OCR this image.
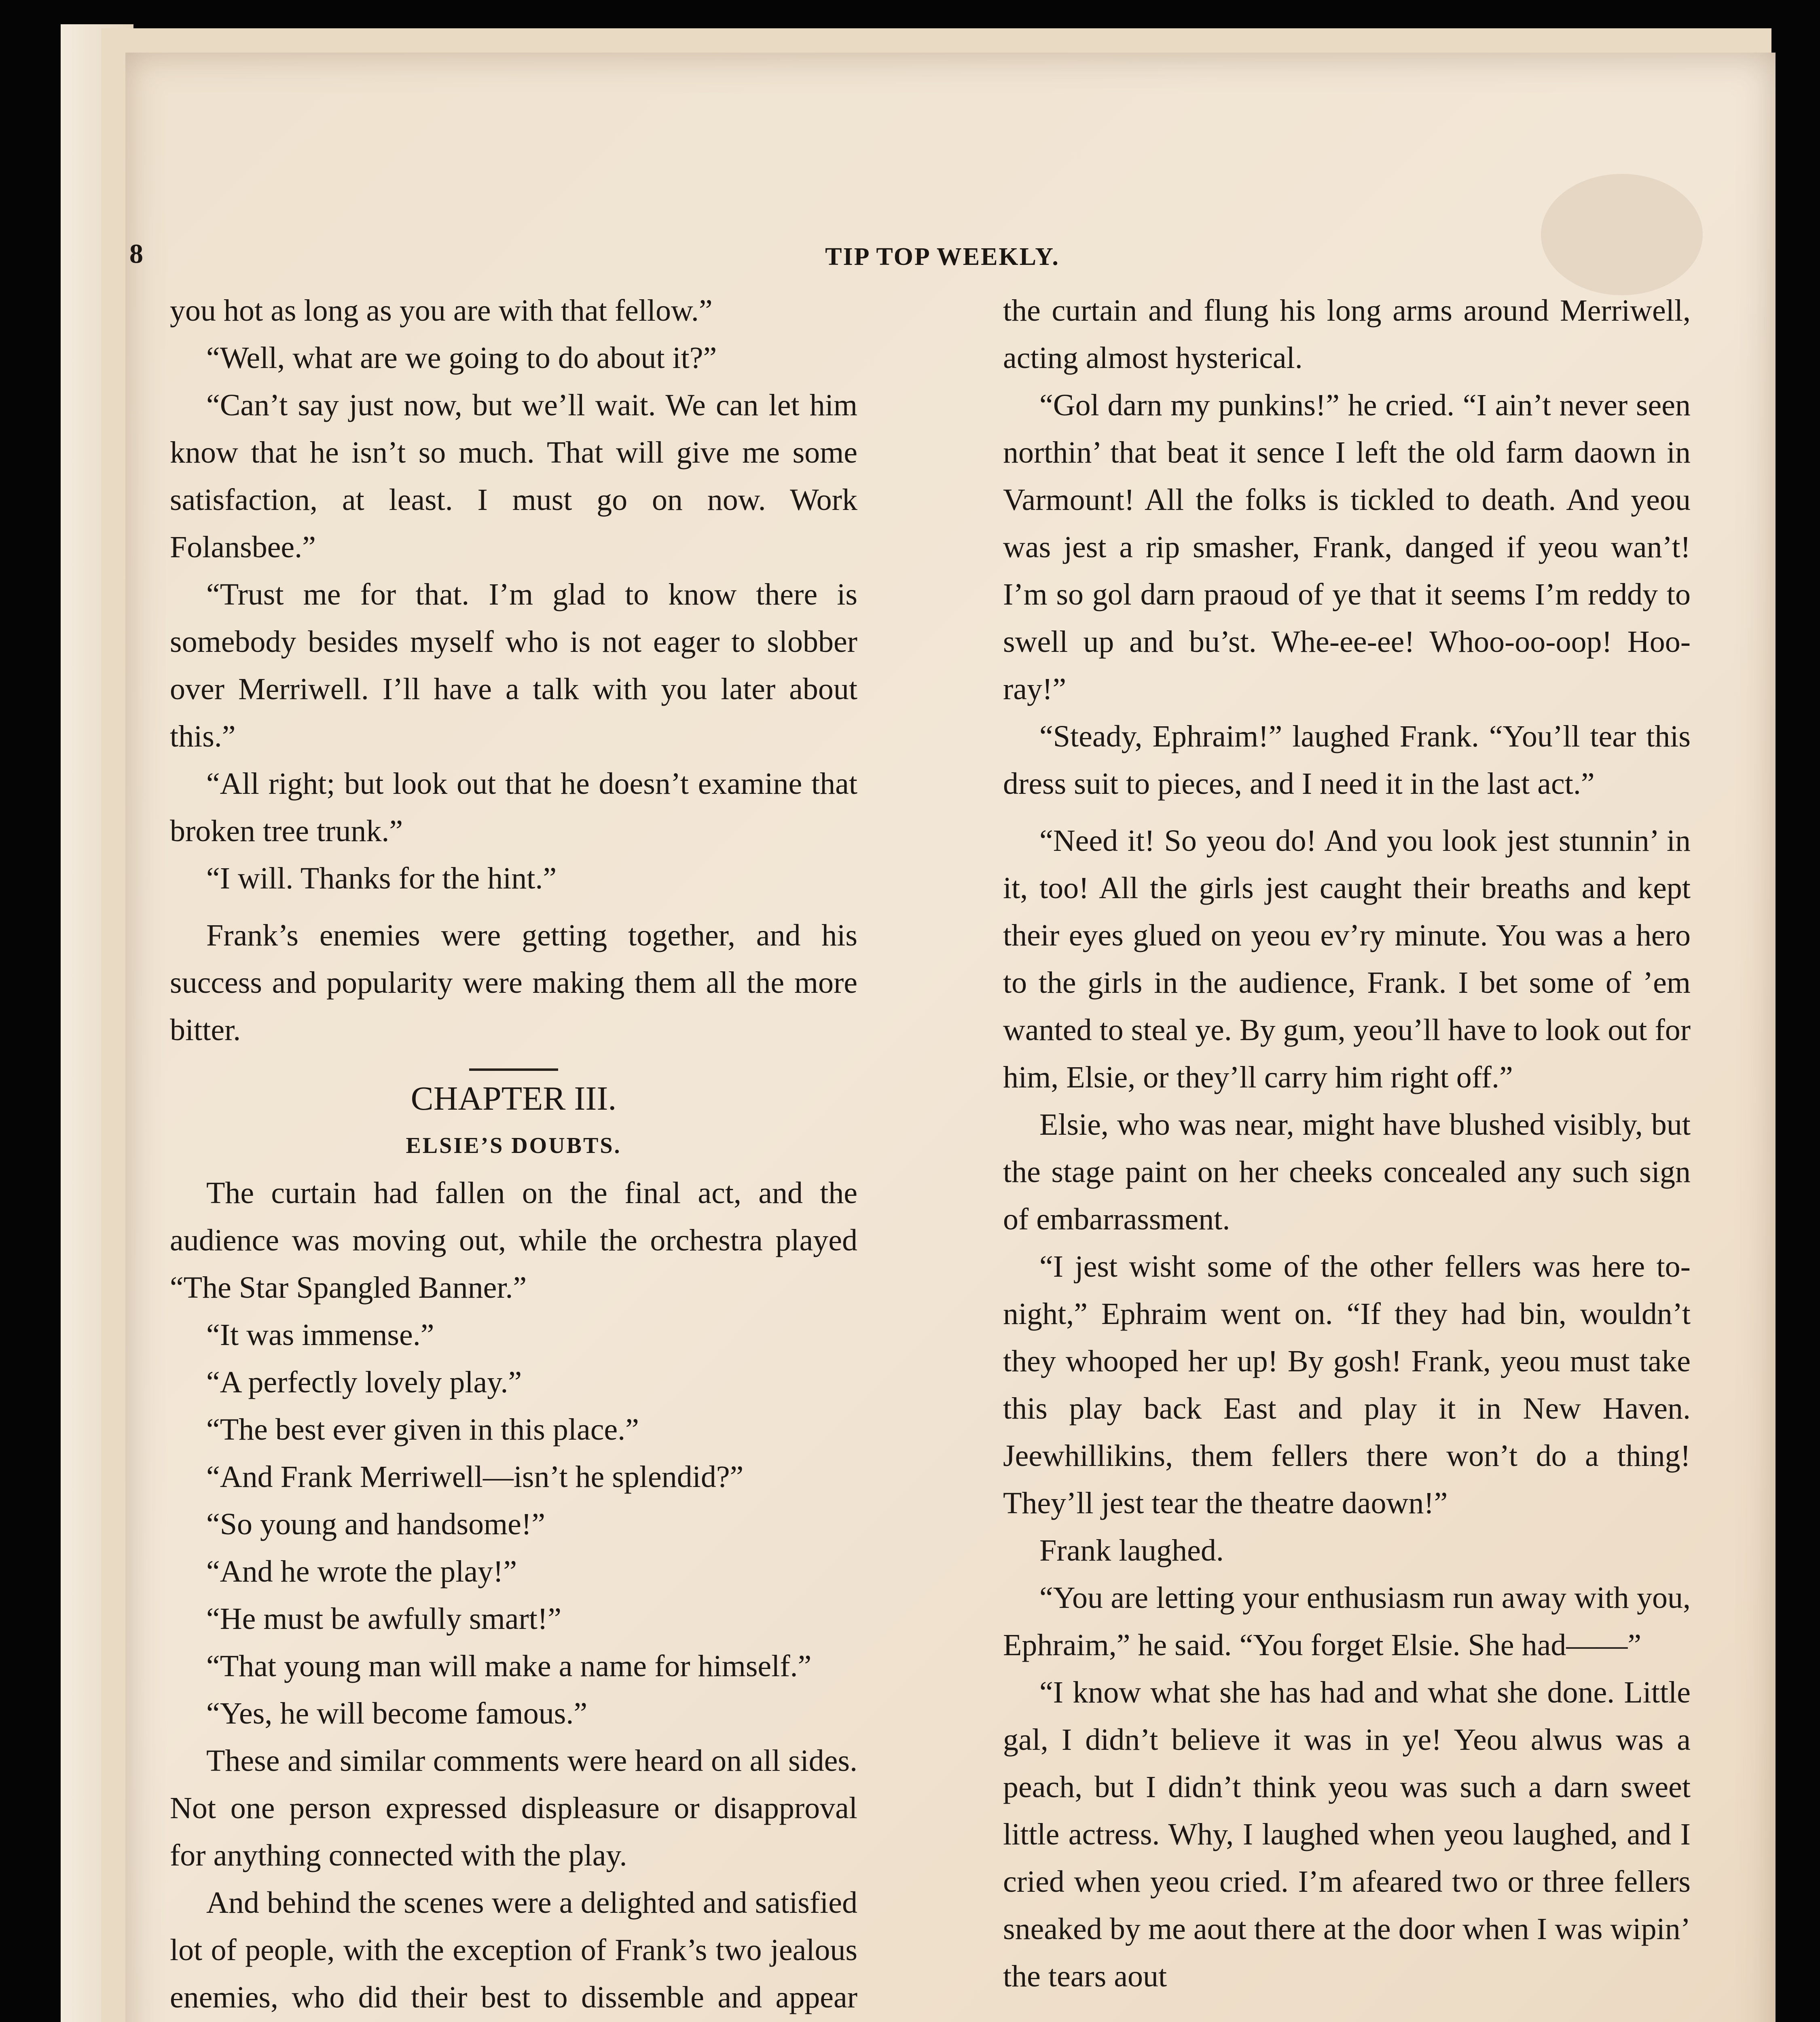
8	TIP TOP WEEKLY.

you hot as long as you are with that fellow.”

“Well, what are we going to do about it?”

“Can’t say just now, but we’ll wait. We can let him know that he isn’t so much. That will give me some satisfaction, at least. I must go on now. Work Folansbee.”

“Trust me for that. I’m glad to know there is somebody besides myself who is not eager to slobber over Merriwell. I’ll have a talk with you later about this.”

“All right; but look out that he doesn’t examine that broken tree trunk.”

“I will. Thanks for the hint.”

Frank’s enemies were getting together, and his success and popularity were making them all the more bitter.

CHAPTER III.

ELSIE’S DOUBTS.

The curtain had fallen on the final act, and the audience was moving out, while the orchestra played “The Star Spangled Banner.”

“It was immense.”

“A perfectly lovely play.”

“The best ever given in this place.”

“And Frank Merriwell—isn’t he splendid?”

“So young and handsome!”

“And he wrote the play!”

“He must be awfully smart!”

“That young man will make a name for himself.”

“Yes, he will become famous.”

These and similar comments were heard on all sides. Not one person expressed displeasure or disapproval for anything connected with the play.

And behind the scenes were a delighted and satisfied lot of people, with the exception of Frank’s two jealous enemies, who did their best to dissemble and appear

the curtain and flung his long arms around Merriwell, acting almost hysterical.

“Gol darn my punkins!” he cried. “I ain’t never seen northin’ that beat it sence I left the old farm daown in Varmount! All the folks is tickled to death. And yeou was jest a rip smasher, Frank, danged if yeou wan’t! I’m so gol darn praoud of ye that it seems I’m reddy to swell up and bu’st. Whe-ee-ee! Whoo-oo-oop! Hoo-ray!”

“Steady, Ephraim!” laughed Frank. “You’ll tear this dress suit to pieces, and I need it in the last act.”

“Need it! So yeou do! And you look jest stunnin’ in it, too! All the girls jest caught their breaths and kept their eyes glued on yeou ev’ry minute. You was a hero to the girls in the audience, Frank. I bet some of ’em wanted to steal ye. By gum, yeou’ll have to look out for him, Elsie, or they’ll carry him right off.”

Elsie, who was near, might have blushed visibly, but the stage paint on her cheeks concealed any such sign of embarrassment.

“I jest wisht some of the other fellers was here to-night,” Ephraim went on. “If they had bin, wouldn’t they whooped her up! By gosh! Frank, yeou must take this play back East and play it in New Haven. Jeewhillikins, them fellers there won’t do a thing! They’ll jest tear the theatre daown!”

Frank laughed.

“You are letting your enthusiasm run away with you, Ephraim,” he said. “You forget Elsie. She had——”

“I know what she has had and what she done. Little gal, I didn’t believe it was in ye! Yeou alwus was a peach, but I didn’t think yeou was such a darn sweet little actress. Why, I laughed when yeou laughed, and I cried when yeou cried. I’m afeared two or three fellers sneaked by me aout there at the door when I was wipin’ the tears aout
